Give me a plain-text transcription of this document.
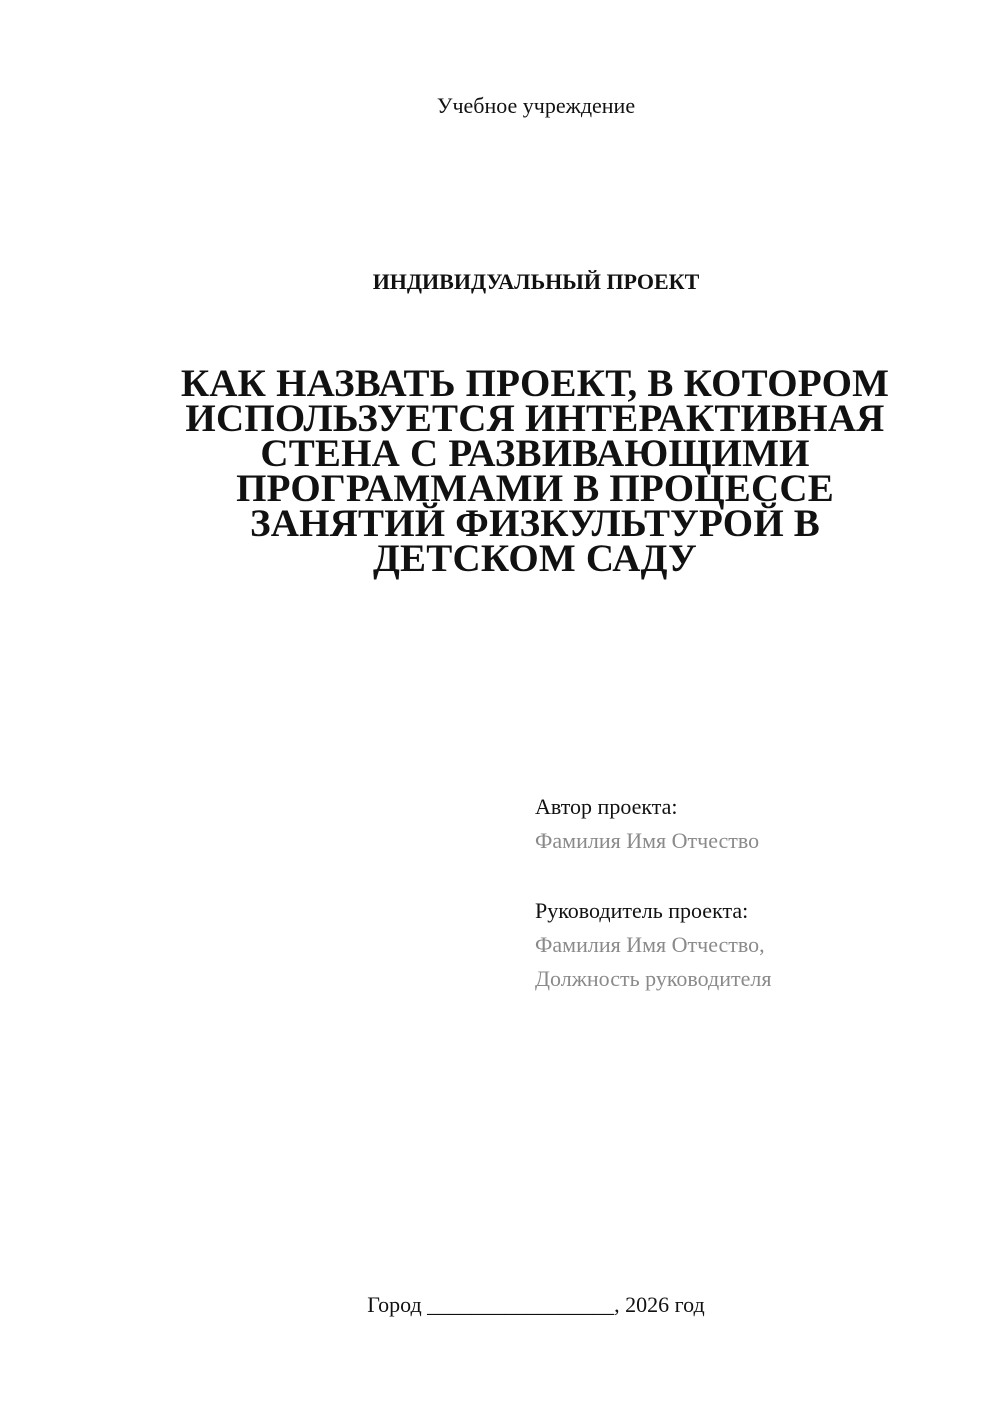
Учебное учреждение
ИНДИВИДУАЛЬНЫЙ ПРОЕКТ
КАК НАЗВАТЬ ПРОЕКТ, В КОТОРОМ
ИСПОЛЬЗУЕТСЯ ИНТЕРАКТИВНАЯ
СТЕНА С РАЗВИВАЮЩИМИ
ПРОГРАММАМИ В ПРОЦЕССЕ
ЗАНЯТИЙ ФИЗКУЛЬТУРОЙ В
ДЕТСКОМ САДУ
Автор проекта:
Фамилия Имя Отчество
Руководитель проекта:
Фамилия Имя Отчество,
Должность руководителя
Город _________________, 2026 год
